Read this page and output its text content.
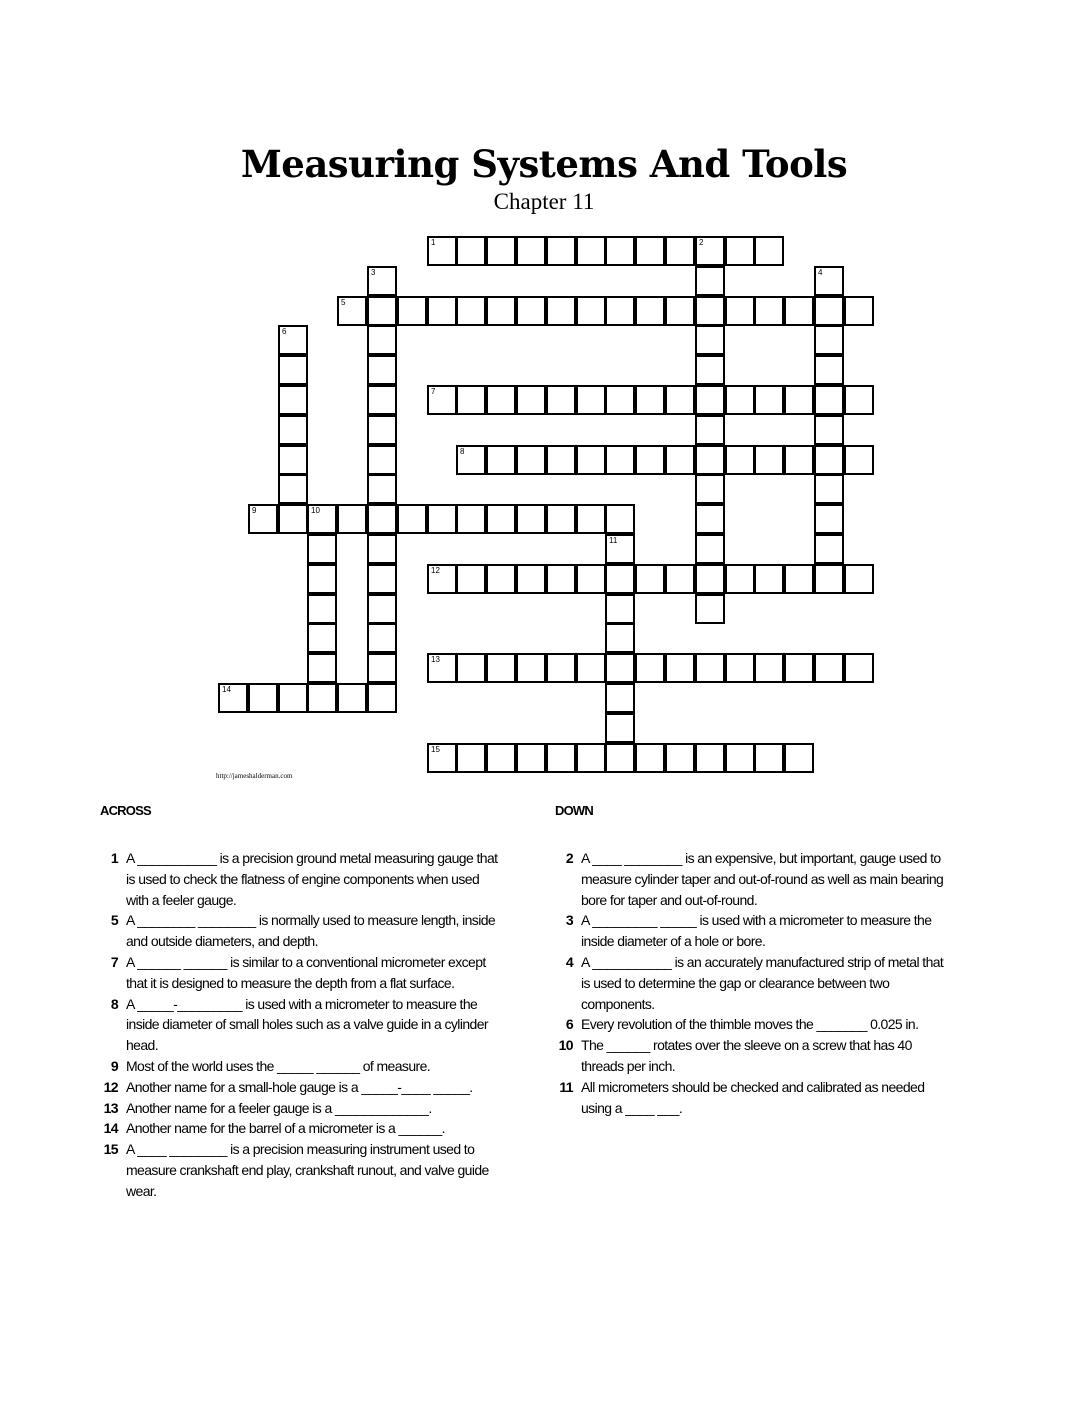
Measuring Systems And Tools
Chapter 11
1	2
3	4
5
6
7
8
9	10
11
12
13
14
15
http://jameshalderman.com
ACROSS
1 A ___________ is a precision ground metal measuring gauge that is used to check the flatness of engine components when used with a feeler gauge.
5 A ________ ________ is normally used to measure length, inside and outside diameters, and depth.
7 A ______ ______ is similar to a conventional micrometer except that it is designed to measure the depth from a flat surface.
8 A _____-_________ is used with a micrometer to measure the inside diameter of small holes such as a valve guide in a cylinder head.
9 Most of the world uses the _____ ______ of measure.
12 Another name for a small-hole gauge is a _____-____ _____.
13 Another name for a feeler gauge is a _____________.
14 Another name for the barrel of a micrometer is a ______.
15 A ____ ________ is a precision measuring instrument used to measure crankshaft end play, crankshaft runout, and valve guide wear.
DOWN
2 A ____ ________ is an expensive, but important, gauge used to measure cylinder taper and out-of-round as well as main bearing bore for taper and out-of-round.
3 A _________ _____ is used with a micrometer to measure the inside diameter of a hole or bore.
4 A ___________ is an accurately manufactured strip of metal that is used to determine the gap or clearance between two components.
6 Every revolution of the thimble moves the _______ 0.025 in.
10 The ______ rotates over the sleeve on a screw that has 40 threads per inch.
11 All micrometers should be checked and calibrated as needed using a ____ ___.
